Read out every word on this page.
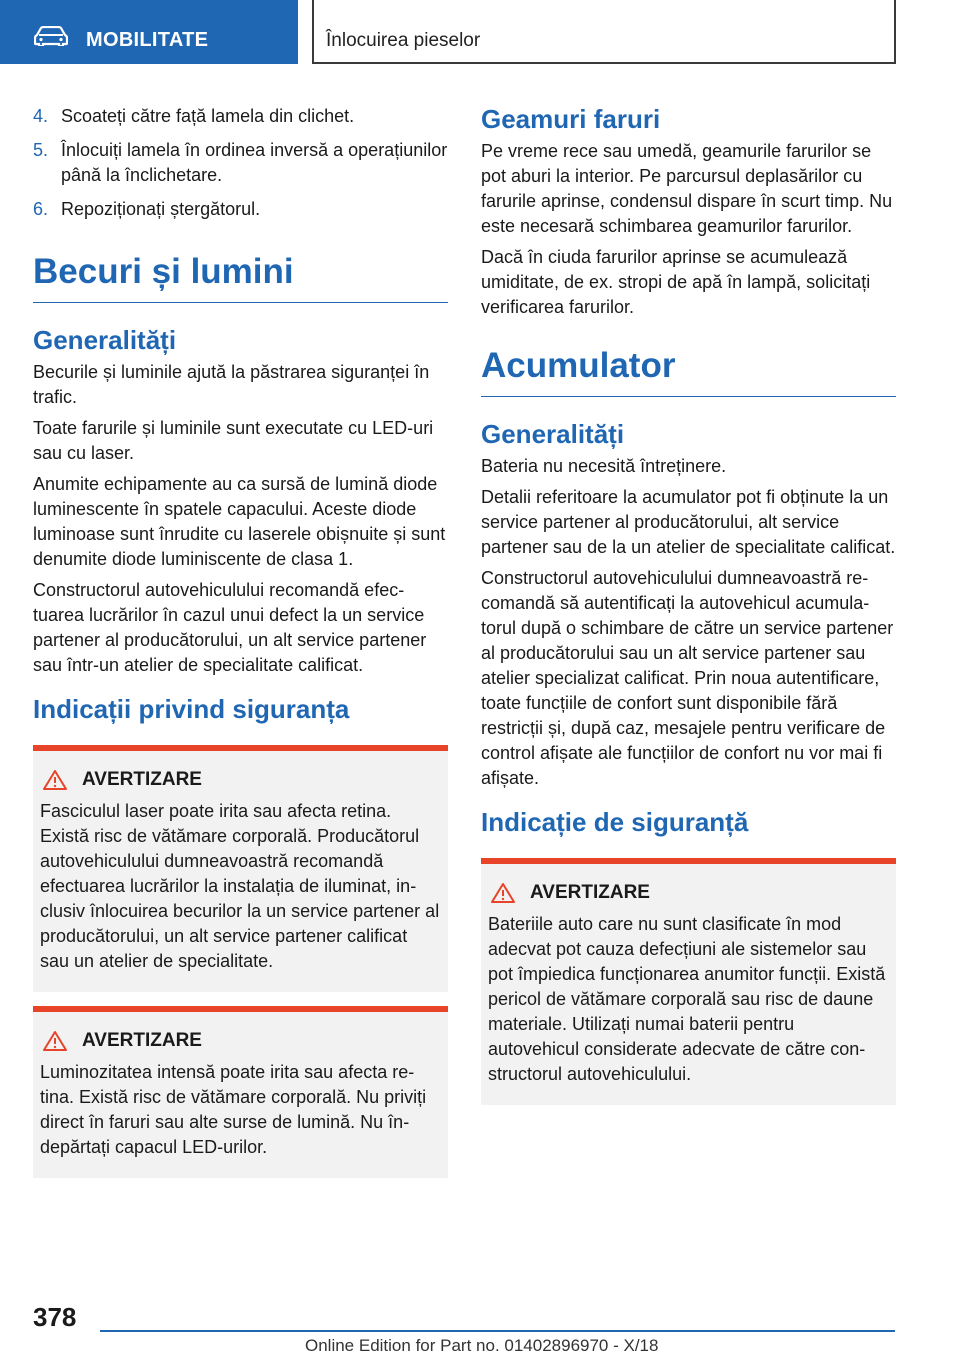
MOBILITATE	Înlocuirea pieselor
4. Scoateți către față lamela din clichet.
5. Înlocuiți lamela în ordinea inversă a operațiunilor până la înclichetare.
6. Repoziționați ștergătorul.
Becuri și lumini
Generalități

Becurile și luminile ajută la păstrarea siguranței în trafic.

Toate farurile și luminile sunt executate cu LED-uri sau cu laser.

Anumite echipamente au ca sursă de lumină diode luminescente în spatele capacului. Aceste diode luminoase sunt înrudite cu laserele obișnuite și sunt denumite diode luminiscente de clasa 1.

Constructorul autovehiculului recomandă efectuarea lucrărilor în cazul unui defect la un service partener al producătorului, un alt service partener sau într-un atelier de specialitate calificat.

Indicații privind siguranța
AVERTIZARE
Fasciculul laser poate irita sau afecta retina. Există risc de vătămare corporală. Producătorul autovehiculului dumneavoastră recomandă efectuarea lucrărilor la instalația de iluminat, inclusiv înlocuirea becurilor la un service partener al producătorului, un alt service partener calificat sau un atelier de specialitate.
AVERTIZARE
Luminozitatea intensă poate irita sau afecta retina. Există risc de vătămare corporală. Nu priviți direct în faruri sau alte surse de lumină. Nu îndepărtați capacul LED-urilor.
Geamuri faruri

Pe vreme rece sau umedă, geamurile farurilor se pot aburi la interior. Pe parcursul deplasărilor cu farurile aprinse, condensul dispare în scurt timp. Nu este necesară schimbarea geamurilor farurilor.

Dacă în ciuda farurilor aprinse se acumulează umiditate, de ex. stropi de apă în lampă, solicitați verificarea farurilor.

Acumulator
Generalități

Bateria nu necesită întreținere.

Detalii referitoare la acumulator pot fi obținute la un service partener al producătorului, alt service partener sau de la un atelier de specialitate calificat.

Constructorul autovehiculului dumneavoastră recomandă să autentificați la autovehicul acumulatorul după o schimbare de către un service partener al producătorului sau un alt service partener sau atelier specializat calificat. Prin noua autentificare, toate funcțiile de confort sunt disponibile fără restricții și, după caz, mesajele pentru verificare de control afișate ale funcțiilor de confort nu vor mai fi afișate.

Indicație de siguranță
AVERTIZARE
Bateriile auto care nu sunt clasificate în mod adecvat pot cauza defecțiuni ale sistemelor sau pot împiedica funcționarea anumitor funcții. Există pericol de vătămare corporală sau risc de daune materiale. Utilizați numai baterii pentru autovehicul considerate adecvate de către constructorul autovehiculului.
378
Online Edition for Part no. 01402896970 - X/18
